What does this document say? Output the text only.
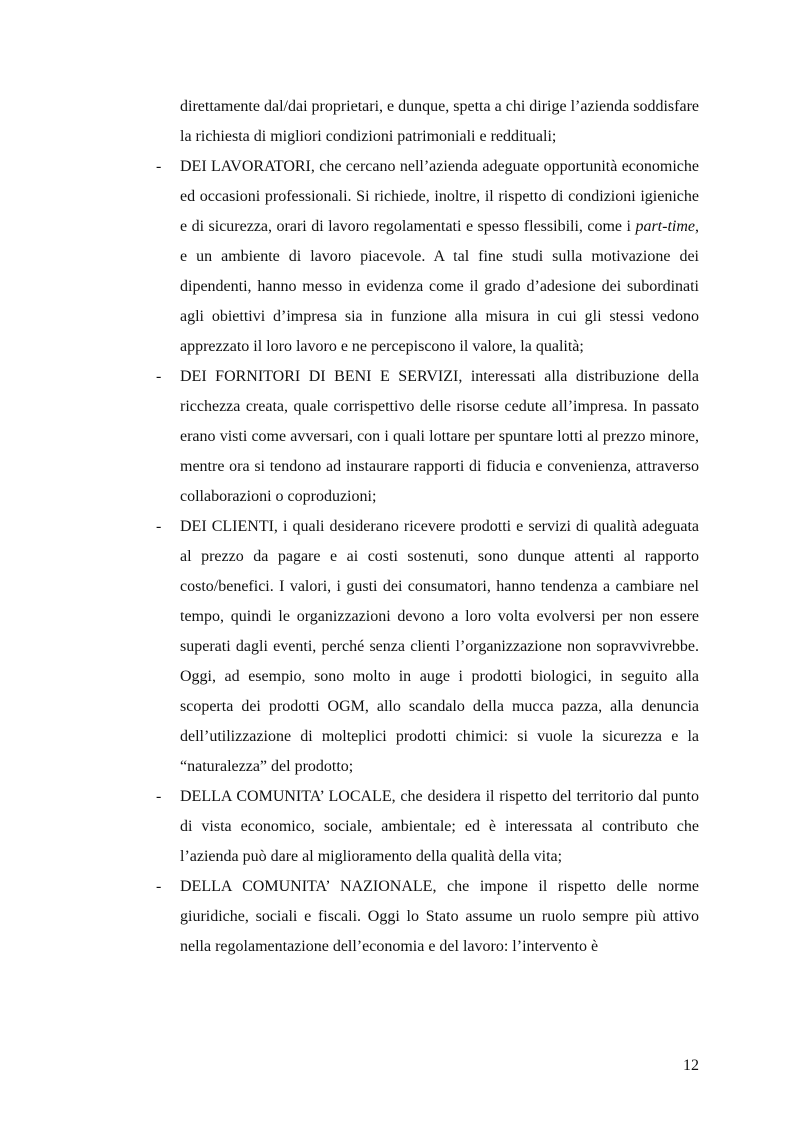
direttamente dal/dai proprietari, e dunque, spetta a chi dirige l’azienda soddisfare la richiesta di migliori condizioni patrimoniali e reddituali;

- DEI LAVORATORI, che cercano nell’azienda adeguate opportunità economiche ed occasioni professionali. Si richiede, inoltre, il rispetto di condizioni igieniche e di sicurezza, orari di lavoro regolamentati e spesso flessibili, come i part-time, e un ambiente di lavoro piacevole. A tal fine studi sulla motivazione dei dipendenti, hanno messo in evidenza come il grado d’adesione dei subordinati agli obiettivi d’impresa sia in funzione alla misura in cui gli stessi vedono apprezzato il loro lavoro e ne percepiscono il valore, la qualità;

- DEI FORNITORI DI BENI E SERVIZI, interessati alla distribuzione della ricchezza creata, quale corrispettivo delle risorse cedute all’impresa. In passato erano visti come avversari, con i quali lottare per spuntare lotti al prezzo minore, mentre ora si tendono ad instaurare rapporti di fiducia e convenienza, attraverso collaborazioni o coproduzioni;

- DEI CLIENTI, i quali desiderano ricevere prodotti e servizi di qualità adeguata al prezzo da pagare e ai costi sostenuti, sono dunque attenti al rapporto costo/benefici. I valori, i gusti dei consumatori, hanno tendenza a cambiare nel tempo, quindi le organizzazioni devono a loro volta evolversi per non essere superati dagli eventi, perché senza clienti l’organizzazione non sopravvivrebbe. Oggi, ad esempio, sono molto in auge i prodotti biologici, in seguito alla scoperta dei prodotti OGM, allo scandalo della mucca pazza, alla denuncia dell’utilizzazione di molteplici prodotti chimici: si vuole la sicurezza e la “naturalezza” del prodotto;

- DELLA COMUNITA’ LOCALE, che desidera il rispetto del territorio dal punto di vista economico, sociale, ambientale; ed è interessata al contributo che l’azienda può dare al miglioramento della qualità della vita;

- DELLA COMUNITA’ NAZIONALE, che impone il rispetto delle norme giuridiche, sociali e fiscali. Oggi lo Stato assume un ruolo sempre più attivo nella regolamentazione dell’economia e del lavoro: l’intervento è

12
